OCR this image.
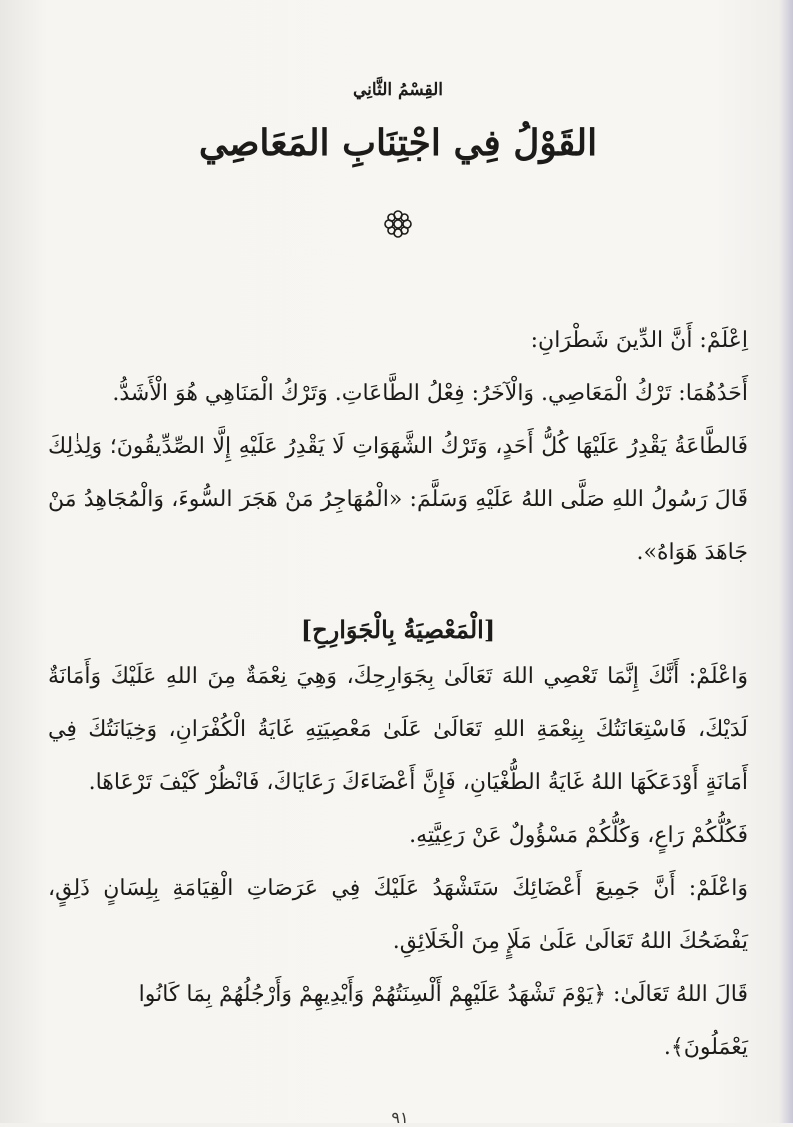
القِسْمُ الثَّانِي
القَوْلُ فِي اجْتِنَابِ المَعَاصِي

اِعْلَمْ: أَنَّ الدِّينَ شَطْرَانِ:

أَحَدُهُمَا: تَرْكُ الْمَعَاصِي. وَالْآخَرُ: فِعْلُ الطَّاعَاتِ. وَتَرْكُ الْمَنَاهِي هُوَ الْأَشَدُّ.

فَالطَّاعَةُ يَقْدِرُ عَلَيْهَا كُلُّ أَحَدٍ، وَتَرْكُ الشَّهَوَاتِ لَا يَقْدِرُ عَلَيْهِ إِلَّا الصِّدِّيقُونَ؛ وَلِذٰلِكَ قَالَ رَسُولُ اللهِ صَلَّى اللهُ عَلَيْهِ وَسَلَّمَ: «الْمُهَاجِرُ مَنْ هَجَرَ السُّوءَ، وَالْمُجَاهِدُ مَنْ جَاهَدَ هَوَاهُ».

[الْمَعْصِيَةُ بِالْجَوَارِحِ]

وَاعْلَمْ: أَنَّكَ إِنَّمَا تَعْصِي اللهَ تَعَالَىٰ بِجَوَارِحِكَ، وَهِيَ نِعْمَةٌ مِنَ اللهِ عَلَيْكَ وَأَمَانَةٌ لَدَيْكَ، فَاسْتِعَانَتُكَ بِنِعْمَةِ اللهِ تَعَالَىٰ عَلَىٰ مَعْصِيَتِهِ غَايَةُ الْكُفْرَانِ، وَخِيَانَتُكَ فِي أَمَانَةٍ أَوْدَعَكَهَا اللهُ غَايَةُ الطُّغْيَانِ، فَإِنَّ أَعْضَاءَكَ رَعَايَاكَ، فَانْظُرْ كَيْفَ تَرْعَاهَا.

فَكُلُّكُمْ رَاعٍ، وَكُلُّكُمْ مَسْؤُولٌ عَنْ رَعِيَّتِهِ.

وَاعْلَمْ: أَنَّ جَمِيعَ أَعْضَائِكَ سَتَشْهَدُ عَلَيْكَ فِي عَرَصَاتِ الْقِيَامَةِ بِلِسَانٍ ذَلِقٍ، يَفْضَحُكَ اللهُ تَعَالَىٰ عَلَىٰ مَلَإٍ مِنَ الْخَلَائِقِ.

قَالَ اللهُ تَعَالَىٰ: ﴿يَوْمَ تَشْهَدُ عَلَيْهِمْ أَلْسِنَتُهُمْ وَأَيْدِيهِمْ وَأَرْجُلُهُمْ بِمَا كَانُوا يَعْمَلُونَ﴾.

٩١
